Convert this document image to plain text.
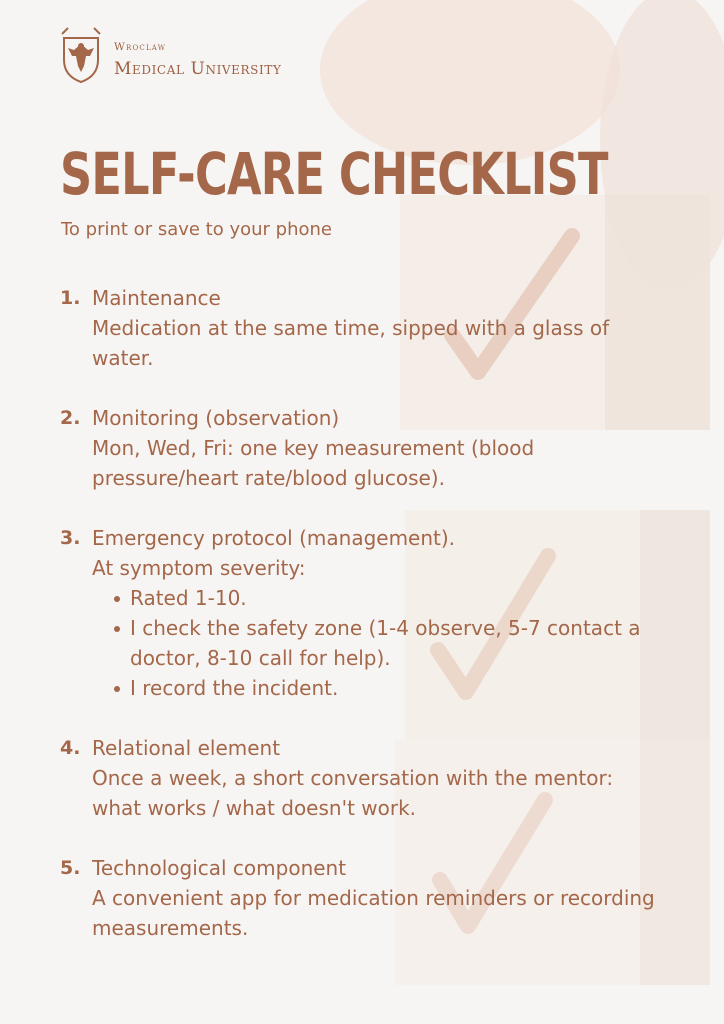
Wroclaw
Medical University
SELF-CARE CHECKLIST

To print or save to your phone

1. Maintenance
Medication at the same time, sipped with a glass of water.
2. Monitoring (observation)
Mon, Wed, Fri: one key measurement (blood pressure/heart rate/blood glucose).
3. Emergency protocol (management).
At symptom severity:
Rated 1-10.
I check the safety zone (1-4 observe, 5-7 contact a doctor, 8-10 call for help).
I record the incident.
4. Relational element
Once a week, a short conversation with the mentor: what works / what doesn't work.
5. Technological component
A convenient app for medication reminders or recording measurements.
